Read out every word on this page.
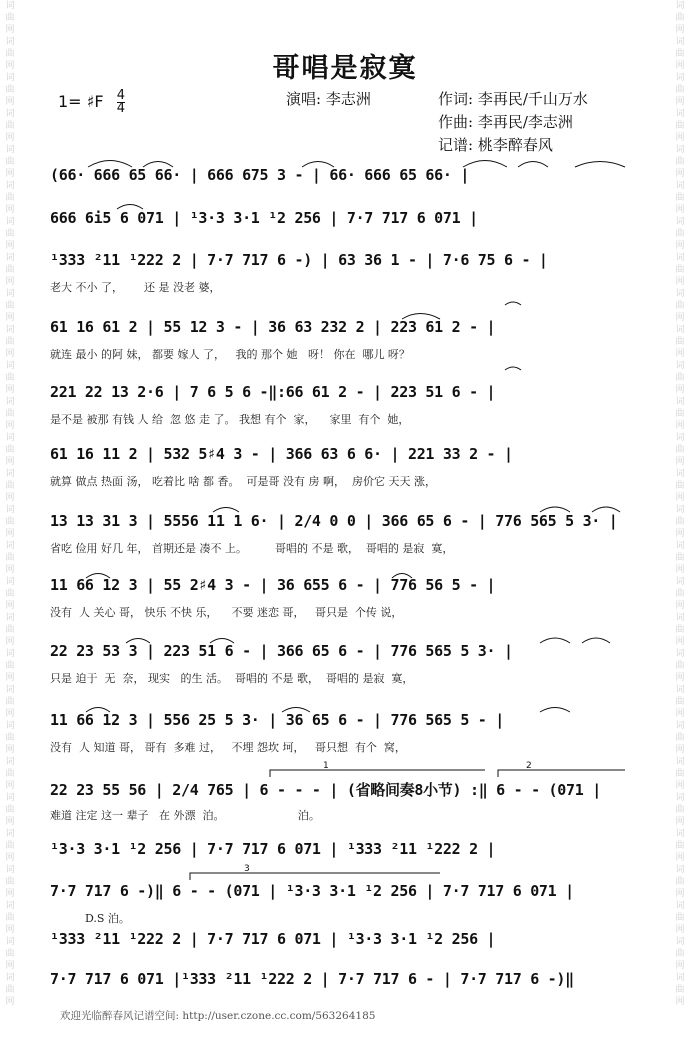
词曲网 词曲网 词曲网 词曲网 词曲网 词曲网 词曲网 词曲网 词曲网 词曲网 词曲网 词曲网 词曲网 词曲网 词曲网 词曲网 词曲网 词曲网 词曲网 词曲网 词曲网 词曲网 词曲网 词曲网 词曲网 词曲网 词曲网 词曲网
词曲网 词曲网 词曲网 词曲网 词曲网 词曲网 词曲网 词曲网 词曲网 词曲网 词曲网 词曲网 词曲网 词曲网 词曲网 词曲网 词曲网 词曲网 词曲网 词曲网 词曲网 词曲网 词曲网 词曲网 词曲网 词曲网 词曲网 词曲网
哥唱是寂寞
1= ♯F $\frac{4}{4}$	演唱: 李志洲	作词: 李再民/千山万水
作曲: 李再民/李志洲
记谱: 桃李醉春风
(66· 666 65 66· | 666 675 3 - | 66· 666 65 66· |
666 6i5 6 071 | ¹3·3 3·1 ¹2 256 | 7·7 717 6 071 |
¹333 ²11 ¹222 2 | 7·7 717 6 -) | 63 36 1 - | 7·6 75 6 - |
老大 不小 了，      还 是 没老 婆，
61 16 61 2 | 55 12 3 - | 36 63 232 2 | 223 61 2 - |
就连 最小 的阿 妹， 都要 嫁人 了，   我的 那个 她   呀！ 你在  哪儿 呀？
221 22 13 2·6 | 7 6 5 6 -‖:66 61 2 - | 223 51 6 - |
是不是 被那 有钱 人 给  忽 悠 走 了。 我想 有个  家，    家里  有个  她，
61 16 11 2 | 532 5♯4 3 - | 366 63 6 6· | 221 33 2 - |
就算 做点 热面 汤， 吃着比 啥 都 香。  可是哥 没有 房 啊，  房价它 天天 涨，
13 13 31 3 | 5556 11 1 6· | 2/4 0 0 | 366 65 6 - | 776 565 5 3· |
省吃 俭用 好几 年， 首期还是 凑不 上。        哥唱的 不是 歌，  哥唱的 是寂  寞，
11 66 12 3 | 55 2♯4 3 - | 36 655 6 - | 776 56 5 - |
没有  人 关心 哥， 快乐 不快 乐，    不要 迷恋 哥，   哥只是  个传 说，
22 23 53 3 | 223 51 6 - | 366 65 6 - | 776 565 5 3· |
只是 迫于  无  奈， 现实   的生 活。  哥唱的 不是 歌，  哥唱的 是寂  寞，
11 66 12 3 | 556 25 5 3· | 36 65 6 - | 776 565 5 - |
没有  人 知道 哥， 哥有  多难 过，   不埋 怨坎 坷，   哥只想  有个  窝，
22 23 55 56 | 2/4 765 | 6 - - - | (省略间奏8小节) :‖ 6 - - (071 |
难道 注定 这一 辈子   在 外漂  泊。                     泊。
¹3·3 3·1 ¹2 256 | 7·7 717 6 071 | ¹333 ²11 ¹222 2 |
7·7 717 6 -)‖ 6 - - (071 | ¹3·3 3·1 ¹2 256 | 7·7 717 6 071 |
D.S 泊。
¹333 ²11 ¹222 2 | 7·7 717 6 071 | ¹3·3 3·1 ¹2 256 |
7·7 717 6 071 |¹333 ²11 ¹222 2 | 7·7 717 6 - | 7·7 717 6 -)‖
1	2
3
欢迎光临醉春风记谱空间: http://user.czone.cc.com/563264185
